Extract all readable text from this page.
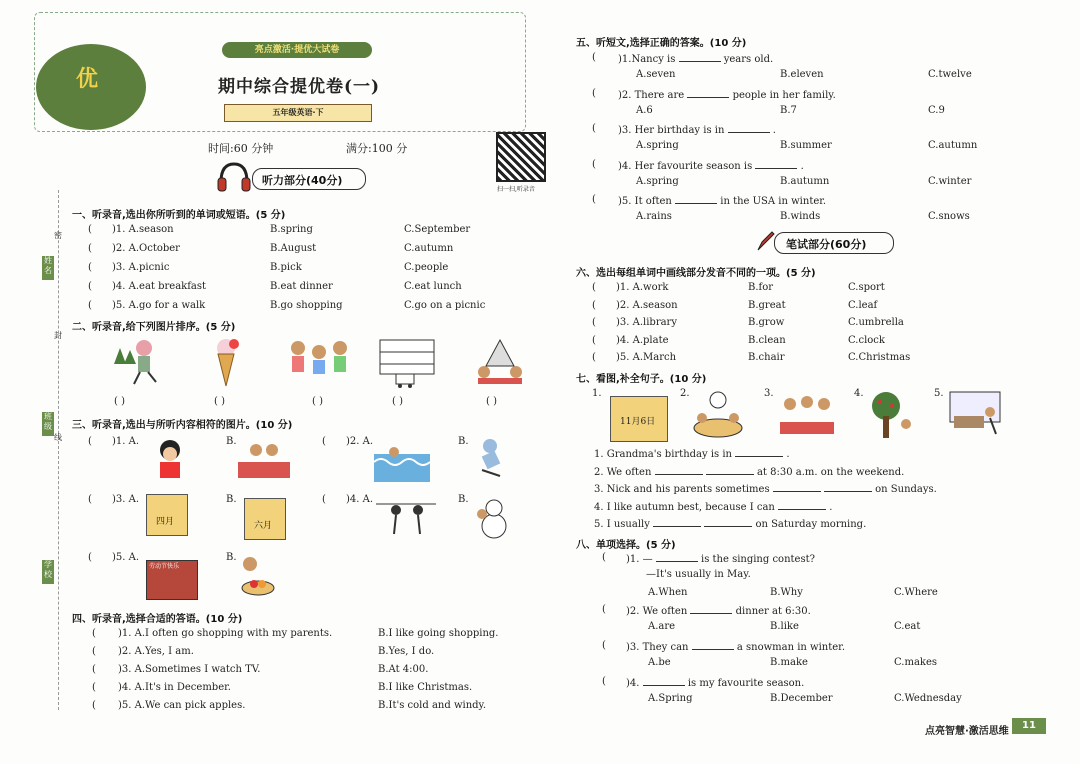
优
亮点激活·提优大试卷
期中综合提优卷(一)
五年级英语·下
时间:60 分钟	满分:100 分
扫一扫,听录音
听力部分(40分)
姓名
班级
学校
密
封
线
一、听录音,选出你所听到的单词或短语。(5 分)
二、听录音,给下列图片排序。(5 分)
三、听录音,选出与所听内容相符的图片。(10 分)
四月	六月
劳动节快乐
四、听录音,选择合适的答语。(10 分)
五、听短文,选择正确的答案。(10 分)
笔试部分(60分)
六、选出每组单词中画线部分发音不同的一项。(5 分)
七、看图,补全句子。(10 分)
1.
11月6日
2.	3.	4.	5.
八、单项选择。(5 分)
点亮智慧·激活思维
11
( )1. A.season	B.spring	C.September
( )2. A.October	B.August	C.autumn
( )3. A.picnic	B.pick	C.people
( )4. A.eat breakfast	B.eat dinner	C.eat lunch
( )5. A.go for a walk	B.go shopping	C.go on a picnic
( )	( )	( )	( )	( )
( )1. A.	B.	( )2. A.	B.
( )3. A.	B.	( )4. A.	B.
( )5. A.	B.
( )1. A.I often go shopping with my parents.	B.I like going shopping.
( )2. A.Yes, I am.	B.Yes, I do.
( )3. A.Sometimes I watch TV.	B.At 4:00.
( )4. A.It's in December.	B.I like Christmas.
( )5. A.We can pick apples.	B.It's cold and windy.
( )1.Nancy is	years old.
A.seven	B.eleven	C.twelve
( )2. There are	people in her family.
A.6	B.7	C.9
( )3. Her birthday is in	.
A.spring	B.summer	C.autumn
( )4. Her favourite season is	.
A.spring	B.autumn	C.winter
( )5. It often	in the USA in winter.
A.rains	B.winds	C.snows
( )1. A.work	B.for	C.sport
( )2. A.season	B.great	C.leaf
( )3. A.library	B.grow	C.umbrella
( )4. A.plate	B.clean	C.clock
( )5. A.March	B.chair	C.Christmas
1. Grandma's birthday is in	.
2. We often	at 8:30 a.m. on the weekend.
3. Nick and his parents sometimes	on Sundays.
4. I like autumn best, because I can	.
5. I usually	on Saturday morning.
( )1. —	is the singing contest?
—It's usually in May.
A.When	B.Why	C.Where
( )2. We often	dinner at 6:30.
A.are	B.like	C.eat
( )3. They can	a snowman in winter.
A.be	B.make	C.makes
( )4.	is my favourite season.
A.Spring	B.December	C.Wednesday
